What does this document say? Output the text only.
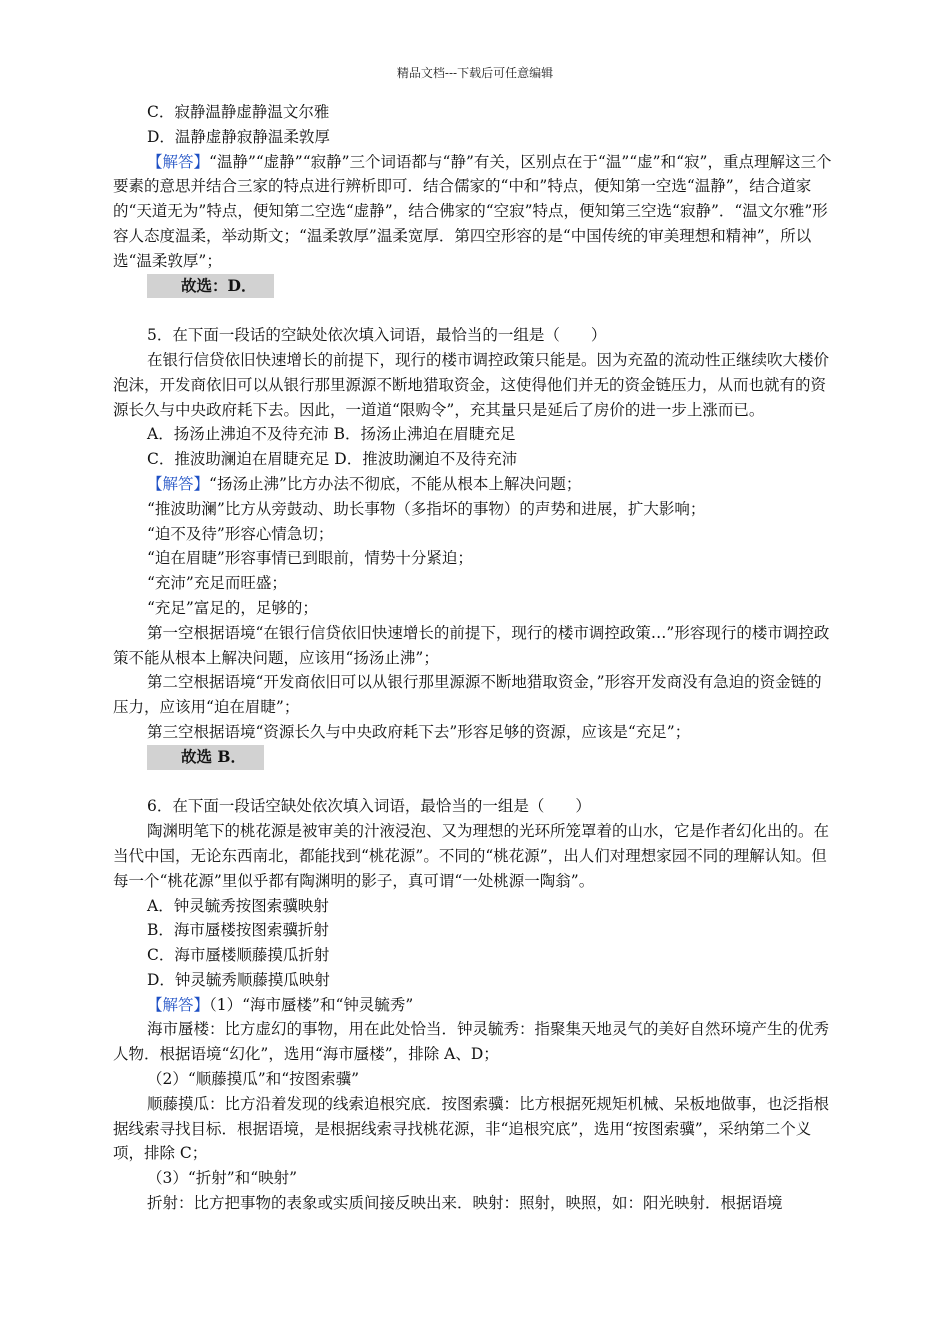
精品文档---下载后可任意编辑

C．寂静温静虚静温文尔雅

D．温静虚静寂静温柔敦厚

【解答】“温静”“虚静”“寂静”三个词语都与“静”有关，区别点在于“温”“虚”和“寂”，重点理解这三个要素的意思并结合三家的特点进行辨析即可．结合儒家的“中和”特点，便知第一空选“温静”，结合道家的“天道无为”特点，便知第二空选“虚静”，结合佛家的“空寂”特点，便知第三空选“寂静”．“温文尔雅”形容人态度温柔，举动斯文；“温柔敦厚”温柔宽厚．第四空形容的是“中国传统的审美理想和精神”，所以选“温柔敦厚”；

故选：D．

5．在下面一段话的空缺处依次填入词语，最恰当的一组是（　　）

在银行信贷依旧快速增长的前提下，现行的楼市调控政策只能是。因为充盈的流动性正继续吹大楼价泡沫，开发商依旧可以从银行那里源源不断地猎取资金，这使得他们并无的资金链压力，从而也就有的资源长久与中央政府耗下去。因此，一道道“限购令”，充其量只是延后了房价的进一步上涨而已。

A．扬汤止沸迫不及待充沛 B．扬汤止沸迫在眉睫充足

C．推波助澜迫在眉睫充足 D．推波助澜迫不及待充沛

【解答】“扬汤止沸”比方办法不彻底，不能从根本上解决问题；

“推波助澜”比方从旁鼓动、助长事物（多指坏的事物）的声势和进展，扩大影响；

“迫不及待”形容心情急切；

“迫在眉睫”形容事情已到眼前，情势十分紧迫；

“充沛”充足而旺盛；

“充足”富足的，足够的；

第一空根据语境“在银行信贷依旧快速增长的前提下，现行的楼市调控政策…”形容现行的楼市调控政策不能从根本上解决问题，应该用“扬汤止沸”；

第二空根据语境“开发商依旧可以从银行那里源源不断地猎取资金，”形容开发商没有急迫的资金链的压力，应该用“迫在眉睫”；

第三空根据语境“资源长久与中央政府耗下去”形容足够的资源，应该是“充足”；

故选 B．

6．在下面一段话空缺处依次填入词语，最恰当的一组是（　　）

陶渊明笔下的桃花源是被审美的汁液浸泡、又为理想的光环所笼罩着的山水，它是作者幻化出的。在当代中国，无论东西南北，都能找到“桃花源”。不同的“桃花源”，出人们对理想家园不同的理解认知。但每一个“桃花源”里似乎都有陶渊明的影子，真可谓“一处桃源一陶翁”。

A．钟灵毓秀按图索骥映射

B．海市蜃楼按图索骥折射

C．海市蜃楼顺藤摸瓜折射

D．钟灵毓秀顺藤摸瓜映射

【解答】（1）“海市蜃楼”和“钟灵毓秀”

海市蜃楼：比方虚幻的事物，用在此处恰当．钟灵毓秀：指聚集天地灵气的美好自然环境产生的优秀人物．根据语境“幻化”，选用“海市蜃楼”，排除 A、D；

（2）“顺藤摸瓜”和“按图索骥”

顺藤摸瓜：比方沿着发现的线索追根究底．按图索骥：比方根据死规矩机械、呆板地做事，也泛指根据线索寻找目标．根据语境，是根据线索寻找桃花源，非“追根究底”，选用“按图索骥”，采纳第二个义项，排除 C；

（3）“折射”和“映射”

折射：比方把事物的表象或实质间接反映出来．映射：照射，映照，如：阳光映射．根据语境
